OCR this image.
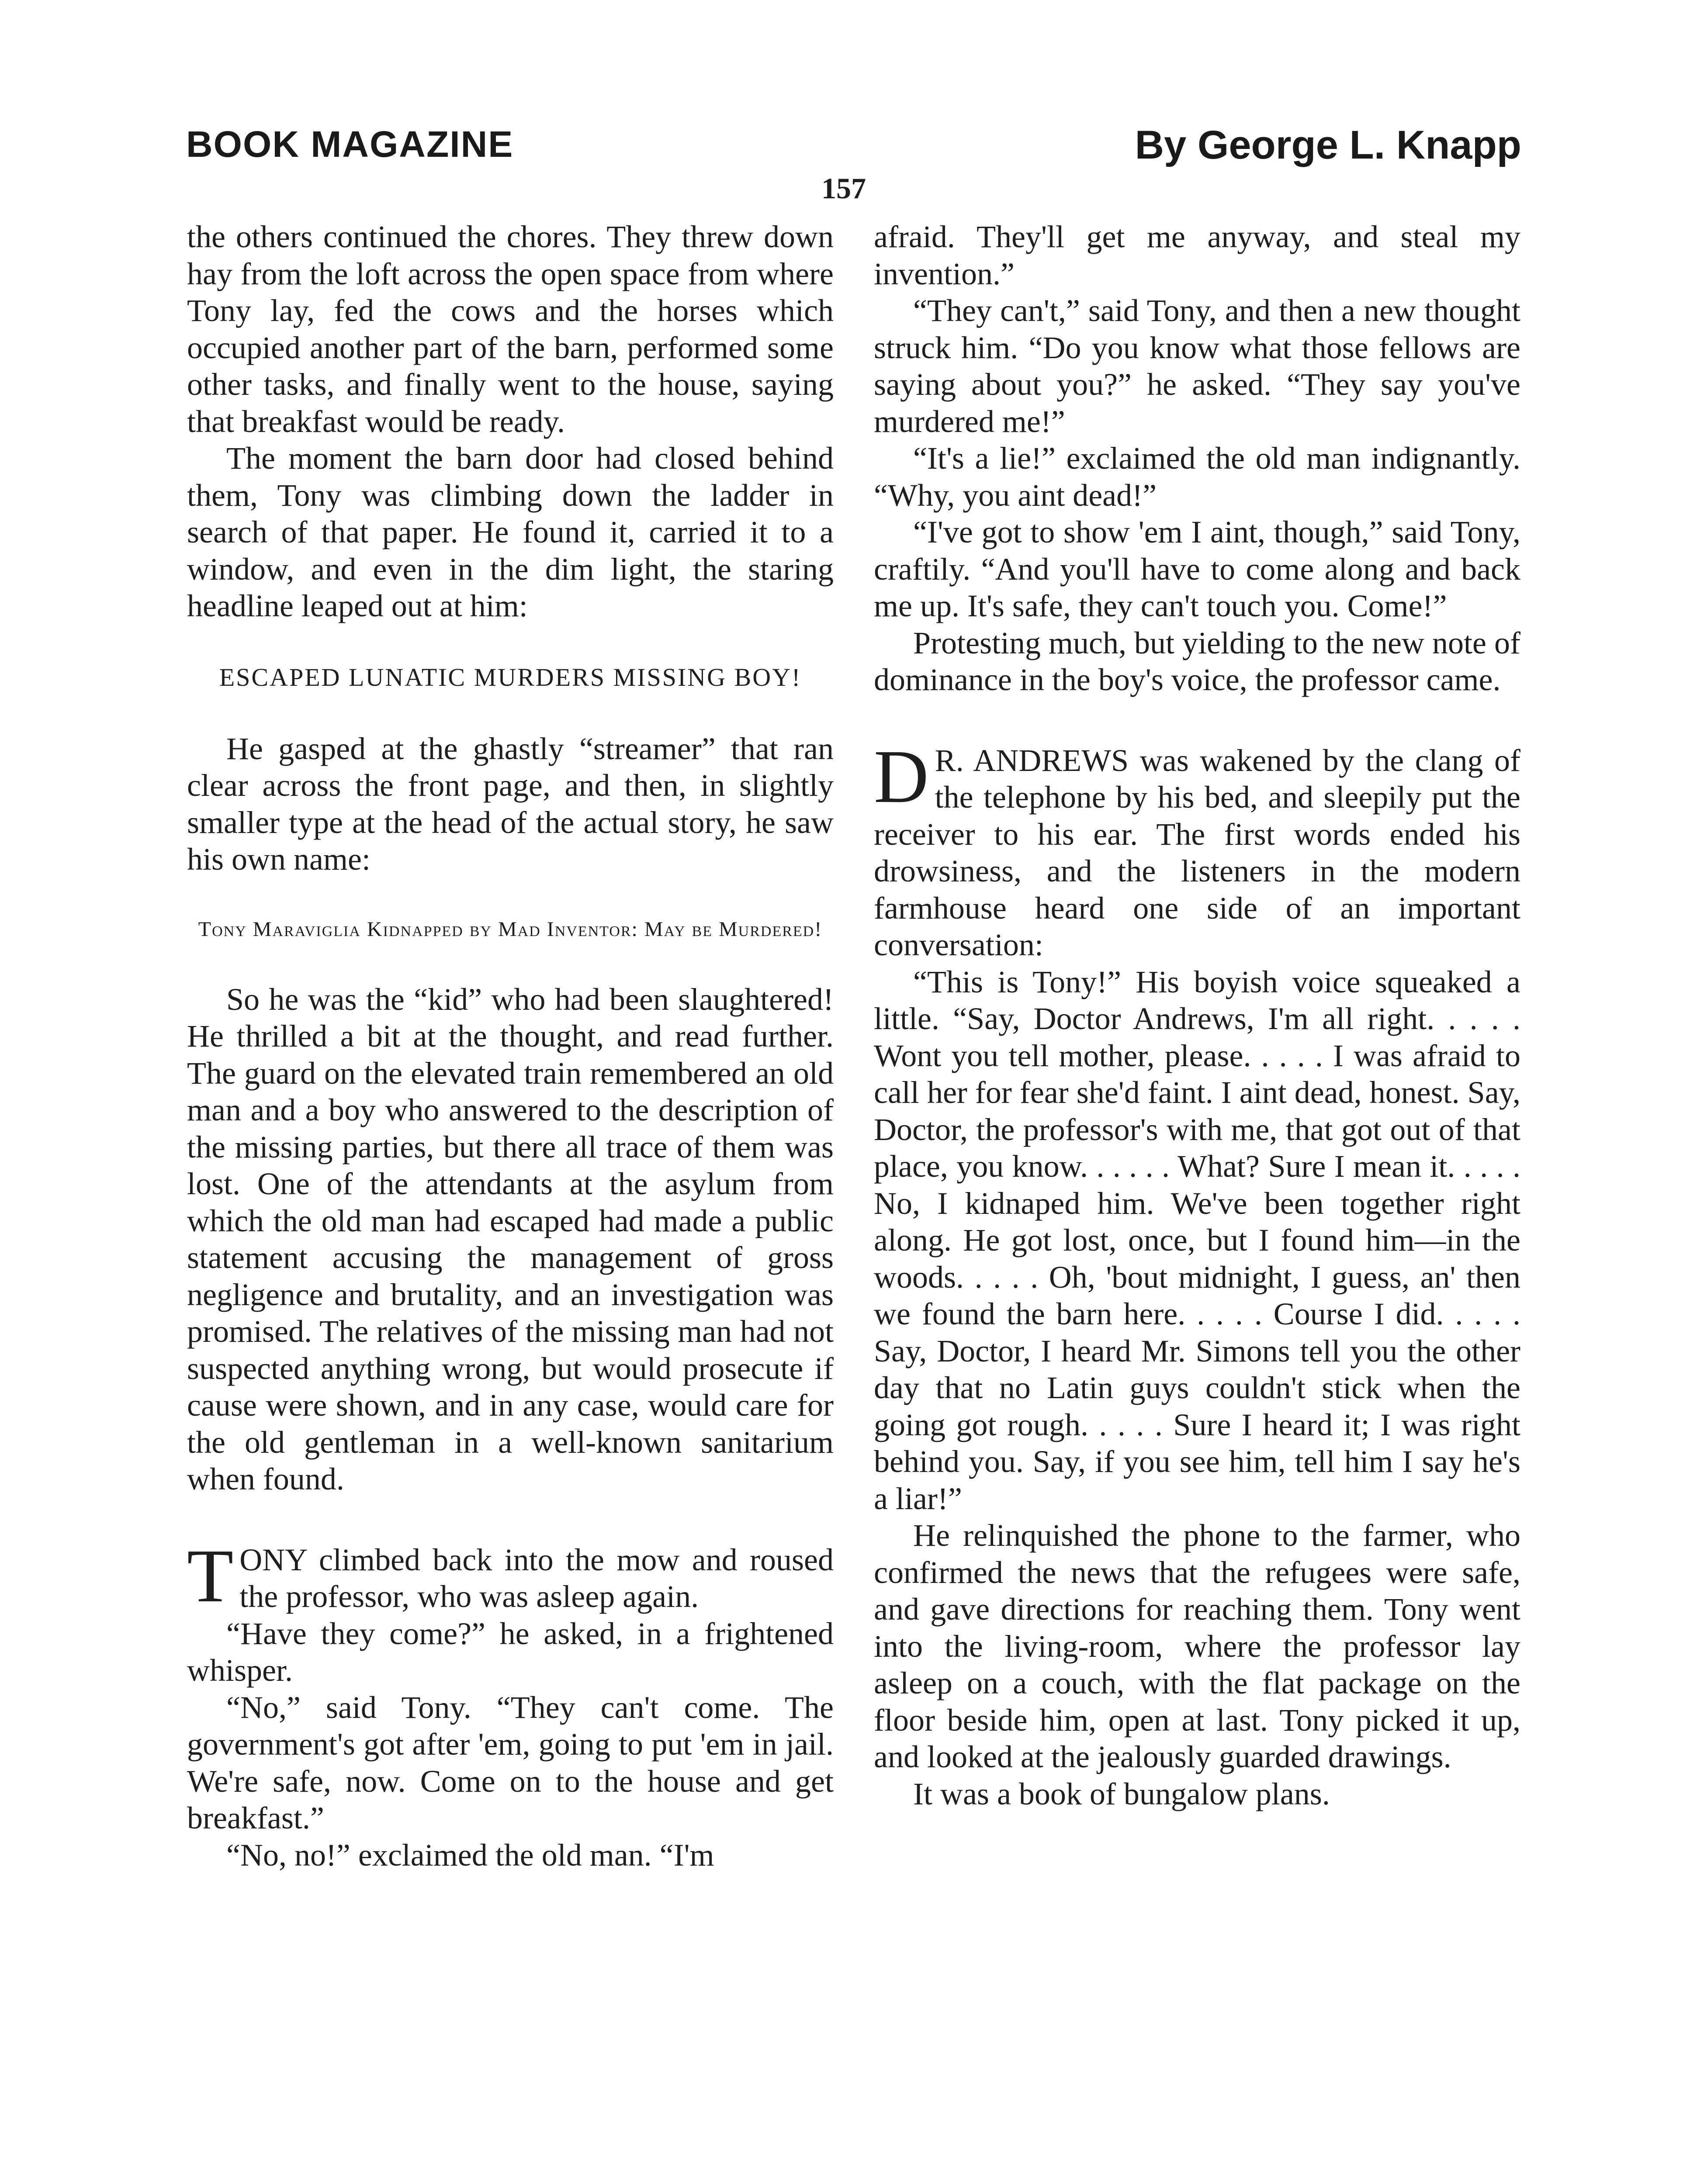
BOOK MAGAZINE	By George L. Knapp
157

the others continued the chores. They threw down hay from the loft across the open space from where Tony lay, fed the cows and the horses which occupied another part of the barn, performed some other tasks, and finally went to the house, saying that breakfast would be ready.

The moment the barn door had closed behind them, Tony was climbing down the ladder in search of that paper. He found it, carried it to a window, and even in the dim light, the staring headline leaped out at him:

ESCAPED LUNATIC MURDERS MISSING BOY!

He gasped at the ghastly “streamer” that ran clear across the front page, and then, in slightly smaller type at the head of the actual story, he saw his own name:

Tony Maraviglia Kidnapped by Mad Inventor: May be Murdered!

So he was the “kid” who had been slaughtered! He thrilled a bit at the thought, and read further. The guard on the elevated train remembered an old man and a boy who answered to the description of the missing parties, but there all trace of them was lost. One of the attendants at the asylum from which the old man had escaped had made a public statement accusing the management of gross negligence and brutality, and an investigation was promised. The relatives of the missing man had not suspected anything wrong, but would prosecute if cause were shown, and in any case, would care for the old gentleman in a well-known sanitarium when found.

TONY climbed back into the mow and roused the professor, who was asleep again.

“Have they come?” he asked, in a frightened whisper.

“No,” said Tony. “They can't come. The government's got after 'em, going to put 'em in jail. We're safe, now. Come on to the house and get breakfast.”

“No, no!” exclaimed the old man. “I'm

afraid. They'll get me anyway, and steal my invention.”

“They can't,” said Tony, and then a new thought struck him. “Do you know what those fellows are saying about you?” he asked. “They say you've murdered me!”

“It's a lie!” exclaimed the old man indignantly. “Why, you aint dead!”

“I've got to show 'em I aint, though,” said Tony, craftily. “And you'll have to come along and back me up. It's safe, they can't touch you. Come!”

Protesting much, but yielding to the new note of dominance in the boy's voice, the professor came.

D R. ANDREWS was wakened by the clang of the telephone by his bed, and sleepily put the receiver to his ear. The first words ended his drowsiness, and the listeners in the modern farmhouse heard one side of an important conversation:

“This is Tony!” His boyish voice squeaked a little. “Say, Doctor Andrews, I'm all right. . . . . Wont you tell mother, please. . . . . I was afraid to call her for fear she'd faint. I aint dead, honest. Say, Doctor, the professor's with me, that got out of that place, you know. . . . . . What? Sure I mean it. . . . . No, I kidnaped him. We've been together right along. He got lost, once, but I found him—in the woods. . . . . Oh, 'bout midnight, I guess, an' then we found the barn here. . . . . Course I did. . . . . Say, Doctor, I heard Mr. Simons tell you the other day that no Latin guys couldn't stick when the going got rough. . . . . Sure I heard it; I was right behind you. Say, if you see him, tell him I say he's a liar!”

He relinquished the phone to the farmer, who confirmed the news that the refugees were safe, and gave directions for reaching them. Tony went into the living-room, where the professor lay asleep on a couch, with the flat package on the floor beside him, open at last. Tony picked it up, and looked at the jealously guarded drawings.

It was a book of bungalow plans.
